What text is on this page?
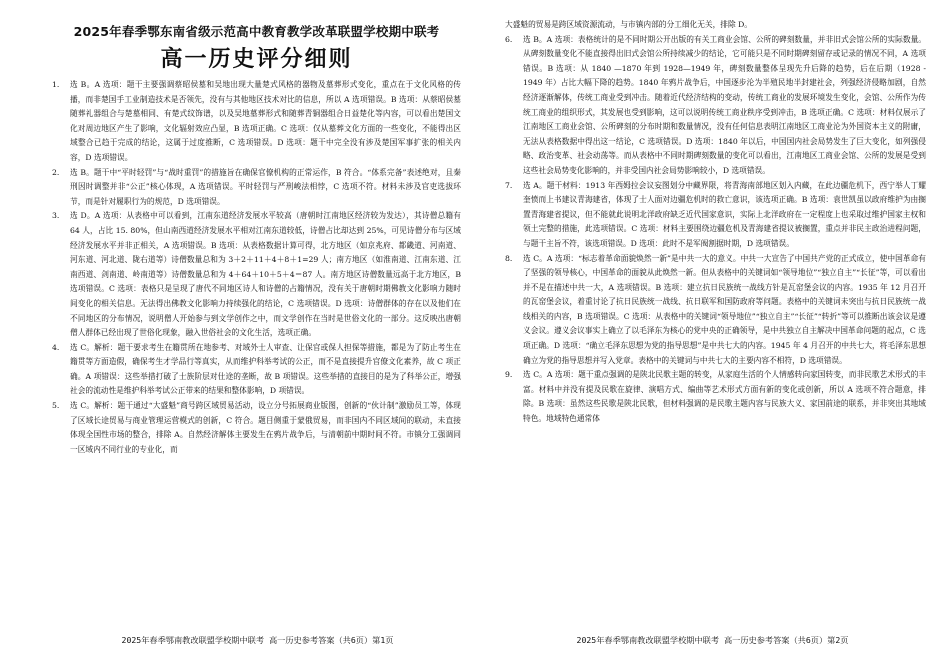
2025年春季鄂东南省级示范高中教育教学改革联盟学校期中联考
高一历史评分细则
1.	选 B。A 选项：题干主要强调蔡昭侯墓和吴地出现大量楚式风格的器物及墓葬形式变化，重点在于文化风格的传播，而非楚国手工业制造技术是否领先，没有与其他地区技术对比的信息，所以 A 选项错误。B 选项：从蔡昭侯墓随葬礼器组合与楚墓相同、有楚式纹饰谱，以及吴地墓葬形式和随葬青铜器组合日益楚化等内容，可以看出楚国文化对周边地区产生了影响，文化辐射效应凸显，B 选项正确。C 选项：仅从墓葬文化方面的一些变化，不能得出区域整合已趋于完成的结论，这属于过度推断，C 选项错误。D 选项：题干中完全没有涉及楚国军事扩张的相关内容，D 选项错误。
2.	选 B。题干中“平时轻罚”与“战时重罚”的措施旨在确保官僚机构的正常运作，B 符合。“体系完备”表述绝对，且秦刑因时调整并非“公正”核心体现，A 选项错误。平时轻罚与严刑峻法相悖，C 选项不符。材料未涉及官吏选拔环节，而是针对履职行为的规范，D 选项错误。
3.	选 D。A 选项：从表格中可以看到，江南东道经济发展水平较高（唐朝时江南地区经济较为发达），其诗僧总籍有 64 人，占比 15. 80%，但山南西道经济发展水平相对江南东道较低，诗僧占比却达到 25%，可见诗僧分布与区域经济发展水平并非正相关，A 选项错误。B 选项：从表格数据计算可得，北方地区（如京兆府、都畿道、河南道、河东道、河北道、陇右道等）诗僧数量总和为 3＋2＋11＋4＋8＋1=29 人；南方地区（如淮南道、江南东道、江南西道、剑南道、岭南道等）诗僧数量总和为 4＋64＋10＋5＋4＝87 人。南方地区诗僧数量远高于北方地区，B 选项错误。C 选项：表格只是呈现了唐代不同地区诗人和诗僧的占籍情况，没有关于唐朝时期佛教文化影响力随时间变化的相关信息。无法得出佛教文化影响力持续强化的结论，C 选项错误。D 选项：诗僧群体的存在以及他们在不同地区的分布情况，说明僧人开始参与到文学创作之中，而文学创作在当时是世俗文化的一部分。这反映出唐朝僧人群体已经出现了世俗化现象，融入世俗社会的文化生活，选项正确。
4.	选 C。解析：题干要求考生在籍贯所在地参考、对域外士人审查、让保官或保人担保等措施，都是为了防止考生在籍贯等方面造假，确保考生才学品行等真实，从而维护科举考试的公正，而不是直接提升官僚文化素养，故 C 项正确。A 项错误：这些举措打破了士族阶层对仕途的垄断，故 B 项错误。这些举措的直接目的是为了科举公正，增强社会的流动性是维护科举考试公正带来的结果和整体影响，D 项错误。
5.	选 C。解析：题干通过“大盛魁”商号跨区域贸易活动，设立分号拓展商业版图，创新的“伙计制”激励员工等，体现了区域长途贸易与商业管理运营模式的创新，C 符合。题目侧重于蒙俄贸易，而非国内不同区域间的联动，未直接体现全国性市场的整合，排除 A。自然经济解体主要发生在鸦片战争后，与清朝前中期时间不符。市镇分工强调同一区域内不同行业的专业化，而
2025年春季鄂南教改联盟学校期中联考 高一历史参考答案（共6页）第1页

大盛魁的贸易是跨区域资源流动，与市镇内部的分工细化无关，排除 D。

6.	选 B。A 选项：表格统计的是不同时期公开出版的有关工商业会馆、公所的碑刻数量，并非旧式会馆公所的实际数量。从碑刻数量变化不能直接得出旧式会馆公所持续减少的结论，它可能只是不同时期碑刻留存或记录的情况不同，A 选项错误。B 选项：从 1840 —1870 年到 1928—1949 年，碑刻数量整体呈现先升后降的趋势，后在后期（1928 - 1949 年）占比大幅下降的趋势。1840 年鸦片战争后，中国逐步沦为半殖民地半封建社会，列强经济侵略加剧，自然经济逐渐解体，传统工商业受到冲击。随着近代经济结构的变动，传统工商业的发展环境发生变化，会馆、公所作为传统工商业的组织形式，其发展也受到影响，这可以说明传统工商业秩序受到冲击，B 选项正确。C 选项：材料仅展示了江南地区工商业会馆、公所碑刻的分布时期和数量情况，没有任何信息表明江南地区工商业沦为外国资本主义的附庸，无法从表格数据中得出这一结论，C 选项错误。D 选项：1840 年以后，中国国内社会局势发生了巨大变化，如列强侵略、政治变革、社会动荡等。而从表格中不同时期碑刻数量的变化可以看出，江南地区工商业会馆、公所的发展是受到这些社会局势变化影响的，并非受国内社会局势影响较小，D 选项错误。
7.	选 A。题干材料：1913 年西姆拉会议妄图划分中藏界限，将青海南部地区划入内藏，在此边疆危机下，西宁举人丁耀奎愤而上书建议青海建省，体现了士人面对边疆危机时的救亡意识，该选项正确。B 选项：袁世凯虽以政府维护为由搁置青海建省提议，但不能就此说明北洋政府缺乏近代国家意识，实际上北洋政府在一定程度上也采取过维护国家主权和领土完整的措施，此选项错误。C 选项：材料主要围绕边疆危机及青海建省提议被搁置，重点并非民主政治进程问题，与题干主旨不符，该选项错误。D 选项：此时不是军阀割据时期，D 选项错误。
8.	选 C。A 选项：“标志着革命面貌焕然一新”是中共一大的意义。中共一大宣告了中国共产党的正式成立，使中国革命有了坚强的领导核心，中国革命的面貌从此焕然一新。但从表格中的关键词如“领导地位”“独立自主”“长征”等，可以看出并不是在描述中共一大，A 选项错误。B 选项：建立抗日民族统一战线方针是瓦窑堡会议的内容。1935 年 12 月召开的瓦窑堡会议，着重讨论了抗日民族统一战线、抗日联军和国防政府等问题。表格中的关键词未突出与抗日民族统一战线相关的内容，B 选项错误。C 选项：从表格中的关键词“领导地位”“独立自主”“长征”“转折”等可以推断出该会议是遵义会议。遵义会议事实上确立了以毛泽东为核心的党中央的正确领导，是中共独立自主解决中国革命问题的起点，C 选项正确。D 选项：“确立毛泽东思想为党的指导思想”是中共七大的内容。1945 年 4 月召开的中共七大，将毛泽东思想确立为党的指导思想并写入党章。表格中的关键词与中共七大的主要内容不相符，D 选项错误。
9.	选 C。A 选项：题干重点强调的是陕北民歌主题的转变，从家庭生活的个人情感转向家国转变，而非民歌艺术形式的丰富。材料中并没有提及民歌在旋律、演唱方式、编曲等艺术形式方面有新的变化或创新，所以 A 选项不符合题意，排除。B 选项：虽然这些民歌是陕北民歌，但材料强调的是民歌主题内容与民族大义、家国前途的联系，并非突出其地域特色。地域特色通常体
2025年春季鄂南教改联盟学校期中联考 高一历史参考答案（共6页）第2页
